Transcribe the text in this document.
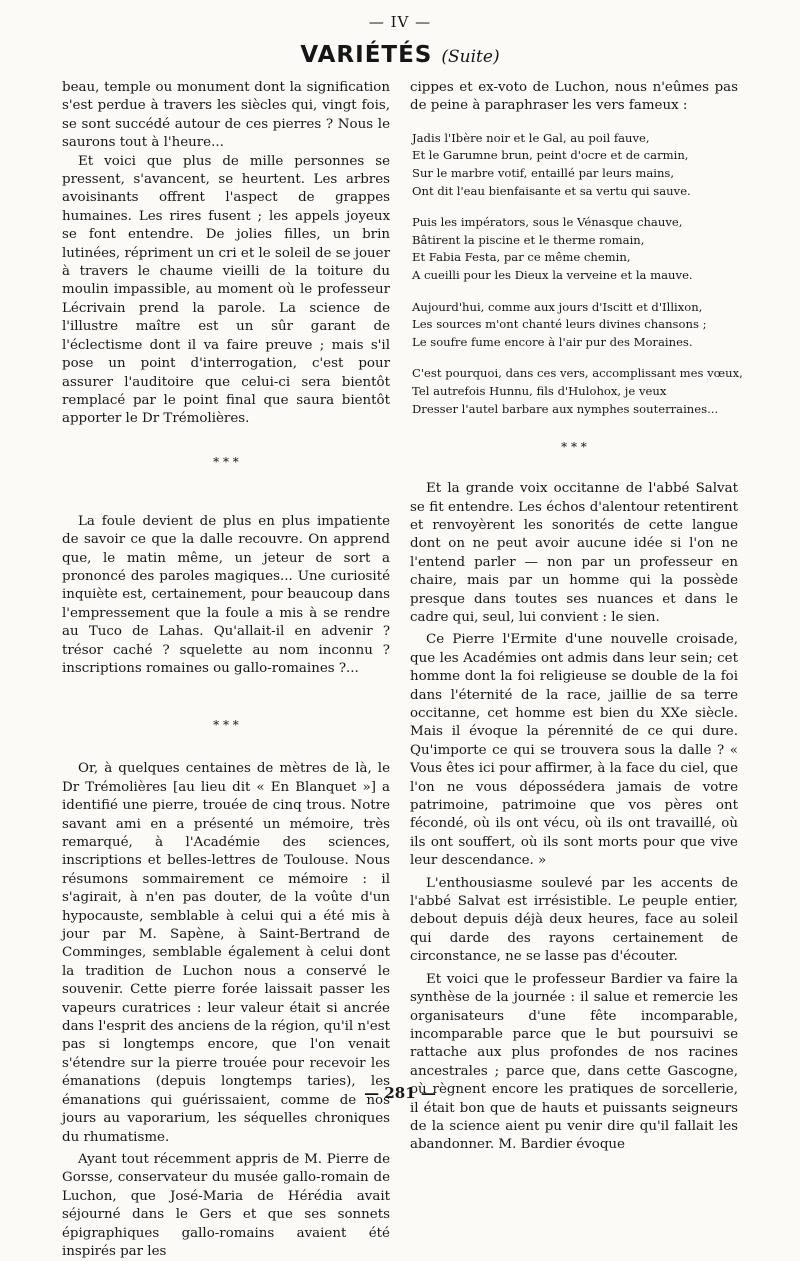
— IV —
VARIÉTÉS (Suite)

beau, temple ou monument dont la signification s'est perdue à travers les siècles qui, vingt fois, se sont succédé autour de ces pierres ? Nous le saurons tout à l'heure...

Et voici que plus de mille personnes se pressent, s'avancent, se heurtent. Les arbres avoisinants offrent l'aspect de grappes humaines. Les rires fusent ; les appels joyeux se font entendre. De jolies filles, un brin lutinées, répriment un cri et le soleil de se jouer à travers le chaume vieilli de la toiture du moulin impassible, au moment où le professeur Lécrivain prend la parole. La science de l'illustre maître est un sûr garant de l'éclectisme dont il va faire preuve ; mais s'il pose un point d'interrogation, c'est pour assurer l'auditoire que celui-ci sera bientôt remplacé par le point final que saura bientôt apporter le Dr Trémolières.

* * *

La foule devient de plus en plus impatiente de savoir ce que la dalle recouvre. On apprend que, le matin même, un jeteur de sort a prononcé des paroles magiques... Une curiosité inquiète est, certainement, pour beaucoup dans l'empressement que la foule a mis à se rendre au Tuco de Lahas. Qu'allait-il en advenir ? trésor caché ? squelette au nom inconnu ? inscriptions romaines ou gallo-romaines ?...

* * *

Or, à quelques centaines de mètres de là, le Dr Trémolières [au lieu dit « En Blanquet »] a identifié une pierre, trouée de cinq trous. Notre savant ami en a présenté un mémoire, très remarqué, à l'Académie des sciences, inscriptions et belles-lettres de Toulouse. Nous résumons sommairement ce mémoire : il s'agirait, à n'en pas douter, de la voûte d'un hypocauste, semblable à celui qui a été mis à jour par M. Sapène, à Saint-Bertrand de Comminges, semblable également à celui dont la tradition de Luchon nous a conservé le souvenir. Cette pierre forée laissait passer les vapeurs curatrices : leur valeur était si ancrée dans l'esprit des anciens de la région, qu'il n'est pas si longtemps encore, que l'on venait s'étendre sur la pierre trouée pour recevoir les émanations (depuis longtemps taries), les émanations qui guérissaient, comme de nos jours au vaporarium, les séquelles chroniques du rhumatisme.

Ayant tout récemment appris de M. Pierre de Gorsse, conservateur du musée gallo-romain de Luchon, que José-Maria de Hérédia avait séjourné dans le Gers et que ses sonnets épigraphiques gallo-romains avaient été inspirés par les

cippes et ex-voto de Luchon, nous n'eûmes pas de peine à paraphraser les vers fameux :

Jadis l'Ibère noir et le Gal, au poil fauve,
Et le Garumne brun, peint d'ocre et de carmin,
Sur le marbre votif, entaillé par leurs mains,
Ont dit l'eau bienfaisante et sa vertu qui sauve.
Puis les impérators, sous le Vénasque chauve,
Bâtirent la piscine et le therme romain,
Et Fabia Festa, par ce même chemin,
A cueilli pour les Dieux la verveine et la mauve.
Aujourd'hui, comme aux jours d'Iscitt et d'Illixon,
Les sources m'ont chanté leurs divines chansons ;
Le soufre fume encore à l'air pur des Moraines.
C'est pourquoi, dans ces vers, accomplissant mes vœux,
Tel autrefois Hunnu, fils d'Hulohox, je veux
Dresser l'autel barbare aux nymphes souterraines...
* * *

Et la grande voix occitanne de l'abbé Salvat se fit entendre. Les échos d'alentour retentirent et renvoyèrent les sonorités de cette langue dont on ne peut avoir aucune idée si l'on ne l'entend parler — non par un professeur en chaire, mais par un homme qui la possède presque dans toutes ses nuances et dans le cadre qui, seul, lui convient : le sien.

Ce Pierre l'Ermite d'une nouvelle croisade, que les Académies ont admis dans leur sein; cet homme dont la foi religieuse se double de la foi dans l'éternité de la race, jaillie de sa terre occitanne, cet homme est bien du XXe siècle. Mais il évoque la pérennité de ce qui dure. Qu'importe ce qui se trouvera sous la dalle ? « Vous êtes ici pour affirmer, à la face du ciel, que l'on ne vous dépossédera jamais de votre patrimoine, patrimoine que vos pères ont fécondé, où ils ont vécu, où ils ont travaillé, où ils ont souffert, où ils sont morts pour que vive leur descendance. »

L'enthousiasme soulevé par les accents de l'abbé Salvat est irrésistible. Le peuple entier, debout depuis déjà deux heures, face au soleil qui darde des rayons certainement de circonstance, ne se lasse pas d'écouter.

Et voici que le professeur Bardier va faire la synthèse de la journée : il salue et remercie les organisateurs d'une fête incomparable, incomparable parce que le but poursuivi se rattache aux plus profondes de nos racines ancestrales ; parce que, dans cette Gascogne, où règnent encore les pratiques de sorcellerie, il était bon que de hauts et puissants seigneurs de la science aient pu venir dire qu'il fallait les abandonner. M. Bardier évoque

— 281 —
